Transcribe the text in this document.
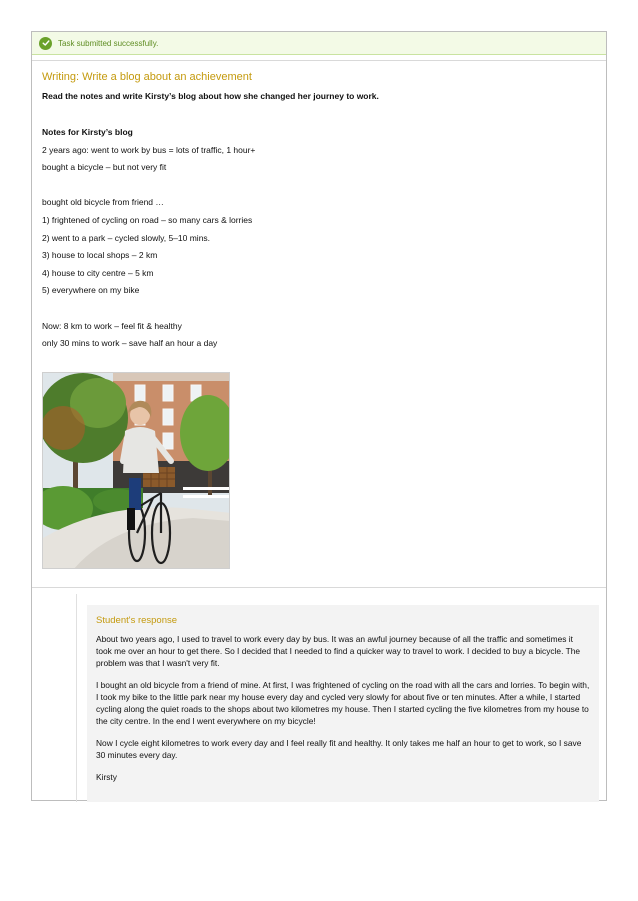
Task submitted successfully.
Writing: Write a blog about an achievement
Read the notes and write Kirsty’s blog about how she changed her journey to work.
Notes for Kirsty’s blog
2 years ago: went to work by bus = lots of traffic, 1 hour+
bought a bicycle – but not very fit
bought old bicycle from friend …
1) frightened of cycling on road – so many cars & lorries
2) went to a park – cycled slowly, 5–10 mins.
3) house to local shops – 2 km
4) house to city centre – 5 km
5) everywhere on my bike
Now: 8 km to work – feel fit & healthy
only 30 mins to work – save half an hour a day
Student's response

About two years ago, I used to travel to work every day by bus. It was an awful journey because of all the traffic and sometimes it took me over an hour to get there. So I decided that I needed to find a quicker way to travel to work. I decided to buy a bicycle. The problem was that I wasn't very fit.

I bought an old bicycle from a friend of mine. At first, I was frightened of cycling on the road with all the cars and lorries. To begin with, I took my bike to the little park near my house every day and cycled very slowly for about five or ten minutes. After a while, I started cycling along the quiet roads to the shops about two kilometres my house. Then I started cycling the five kilometres from my house to the city centre. In the end I went everywhere on my bicycle!

Now I cycle eight kilometres to work every day and I feel really fit and healthy. It only takes me half an hour to get to work, so I save 30 minutes every day.

Kirsty
